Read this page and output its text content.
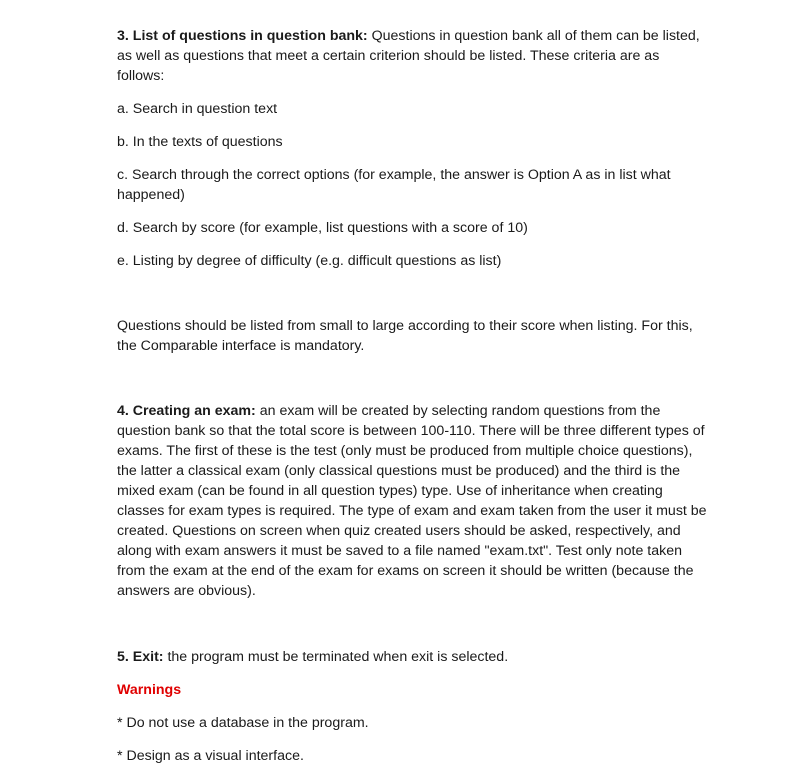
3. List of questions in question bank: Questions in question bank all of them can be listed, as well as questions that meet a certain criterion should be listed. These criteria are as follows:

a. Search in question text

b. In the texts of questions

c. Search through the correct options (for example, the answer is Option A as in list what happened)

d. Search by score (for example, list questions with a score of 10)

e. Listing by degree of difficulty (e.g. difficult questions as list)

Questions should be listed from small to large according to their score when listing. For this, the Comparable interface is mandatory.

4. Creating an exam: an exam will be created by selecting random questions from the question bank so that the total score is between 100-110. There will be three different types of exams. The first of these is the test (only must be produced from multiple choice questions), the latter a classical exam (only classical questions must be produced) and the third is the mixed exam (can be found in all question types) type. Use of inheritance when creating classes for exam types is required. The type of exam and exam taken from the user it must be created. Questions on screen when quiz created users should be asked, respectively, and along with exam answers it must be saved to a file named "exam.txt". Test only note taken from the exam at the end of the exam for exams on screen it should be written (because the answers are obvious).

5. Exit: the program must be terminated when exit is selected.

Warnings

* Do not use a database in the program.

* Design as a visual interface.
